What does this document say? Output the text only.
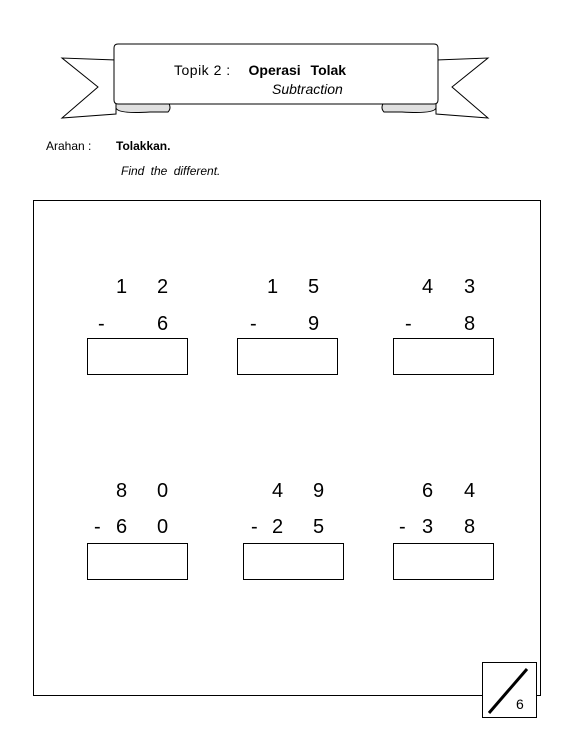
Topik 2 : Operasi Tolak
Subtraction
Arahan : Tolakkan.
Find the different.
1 2
-	6
1 5
-	9
4 3
-	8
8 0
- 6 0
4 9
- 2 5
6 4
- 3 8
6
